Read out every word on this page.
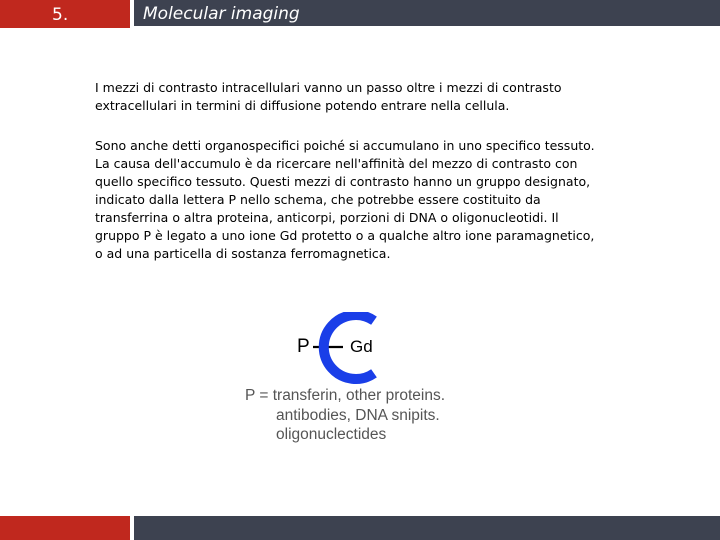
5.	Molecular imaging
I mezzi di contrasto intracellulari vanno un passo oltre i mezzi di contrasto
extracellulari in termini di diffusione potendo entrare nella cellula.
Sono anche detti organospecifici poiché si accumulano in uno specifico tessuto.
La causa dell'accumulo è da ricercare nell'affinità del mezzo di contrasto con
quello specifico tessuto. Questi mezzi di contrasto hanno un gruppo designato,
indicato dalla lettera P nello schema, che potrebbe essere costituito da
transferrina o altra proteina, anticorpi, porzioni di DNA o oligonucleotidi. Il
gruppo P è legato a uno ione Gd protetto o a qualche altro ione paramagnetico,
o ad una particella di sostanza ferromagnetica.
P Gd
P = transferin, other proteins.
antibodies, DNA snipits.
oligonuclectides
